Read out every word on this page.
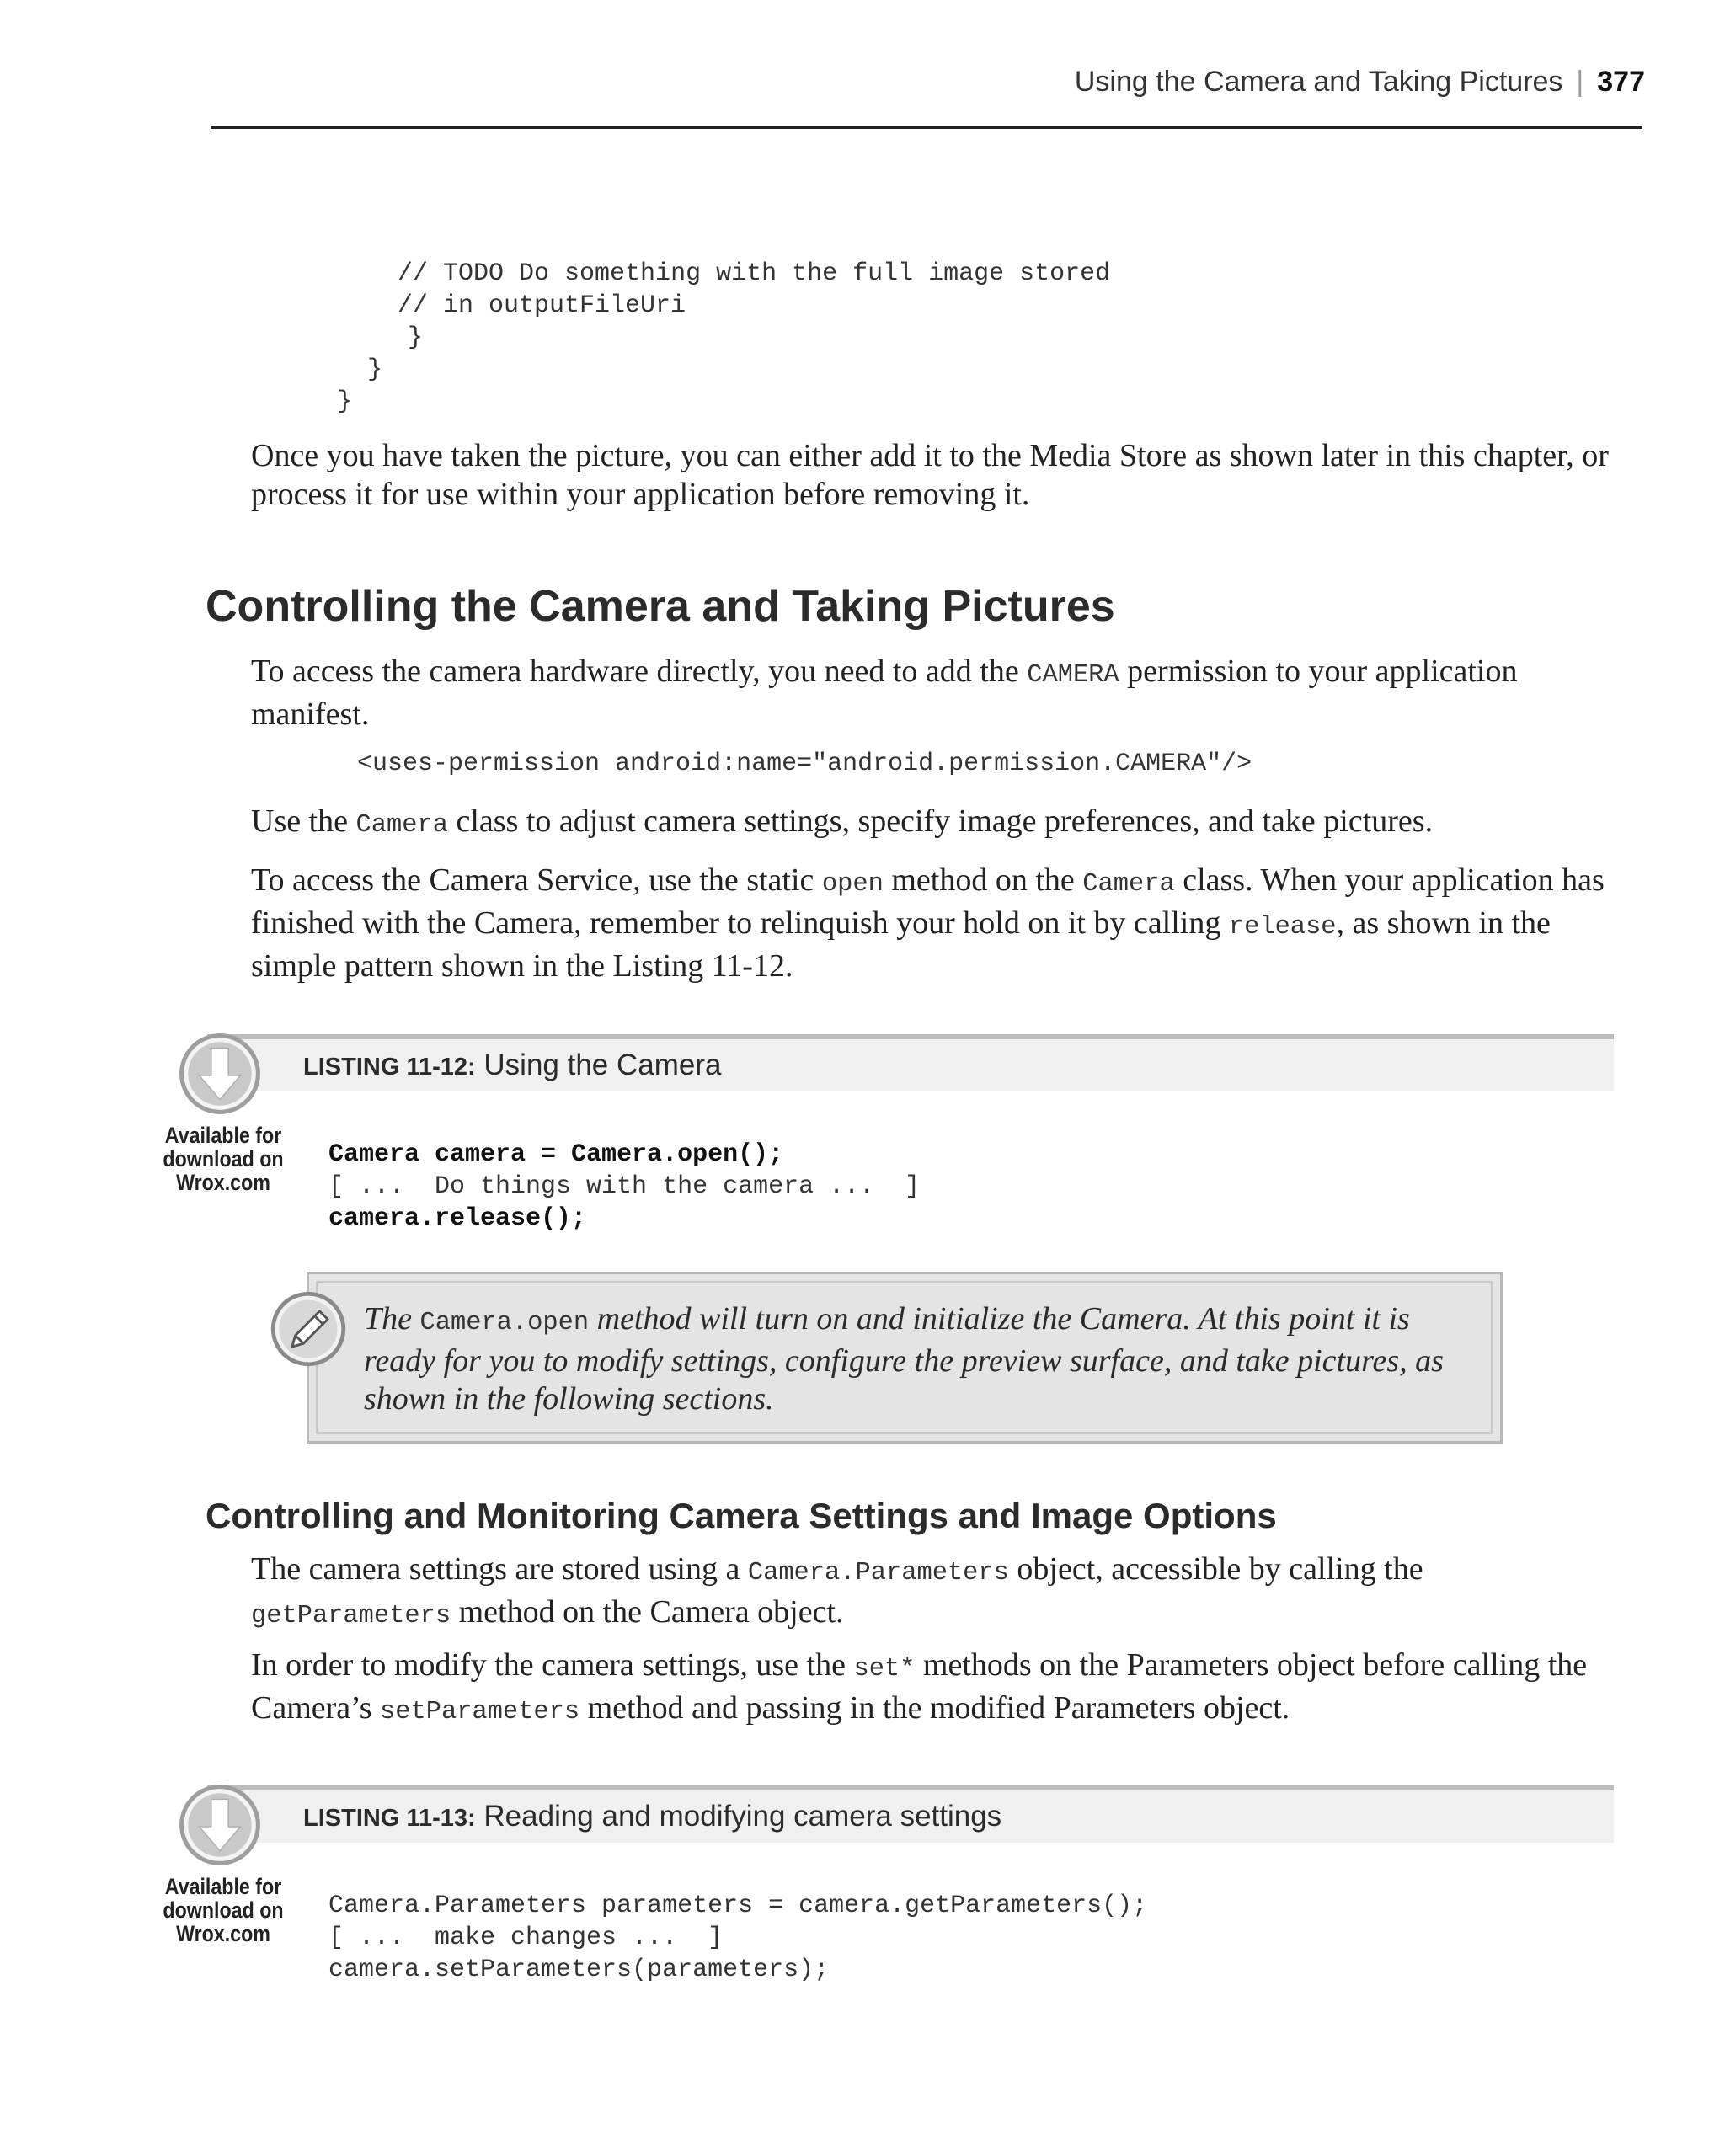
Using the Camera and Taking Pictures | 377
// TODO Do something with the full image stored
// in outputFileUri
}
}
}

Once you have taken the picture, you can either add it to the Media Store as shown later in this chapter, or process it for use within your application before removing it.

Controlling the Camera and Taking Pictures

To access the camera hardware directly, you need to add the CAMERA permission to your application manifest.

<uses-permission android:name="android.permission.CAMERA"/>

Use the Camera class to adjust camera settings, specify image preferences, and take pictures.

To access the Camera Service, use the static open method on the Camera class. When your application has finished with the Camera, remember to relinquish your hold on it by calling release, as shown in the simple pattern shown in the Listing 11-12.

LISTING 11-12: Using the Camera
Available for
download on
Wrox.com
Camera camera = Camera.open();
[ ...  Do things with the camera ...  ]
camera.release();

The Camera.open method will turn on and initialize the Camera. At this point it is ready for you to modify settings, configure the preview surface, and take pictures, as shown in the following sections.

Controlling and Monitoring Camera Settings and Image Options

The camera settings are stored using a Camera.Parameters object, accessible by calling the getParameters method on the Camera object.

In order to modify the camera settings, use the set* methods on the Parameters object before calling the Camera’s setParameters method and passing in the modified Parameters object.

LISTING 11-13: Reading and modifying camera settings
Available for
download on
Wrox.com
Camera.Parameters parameters = camera.getParameters();
[ ...  make changes ...  ]
camera.setParameters(parameters);
